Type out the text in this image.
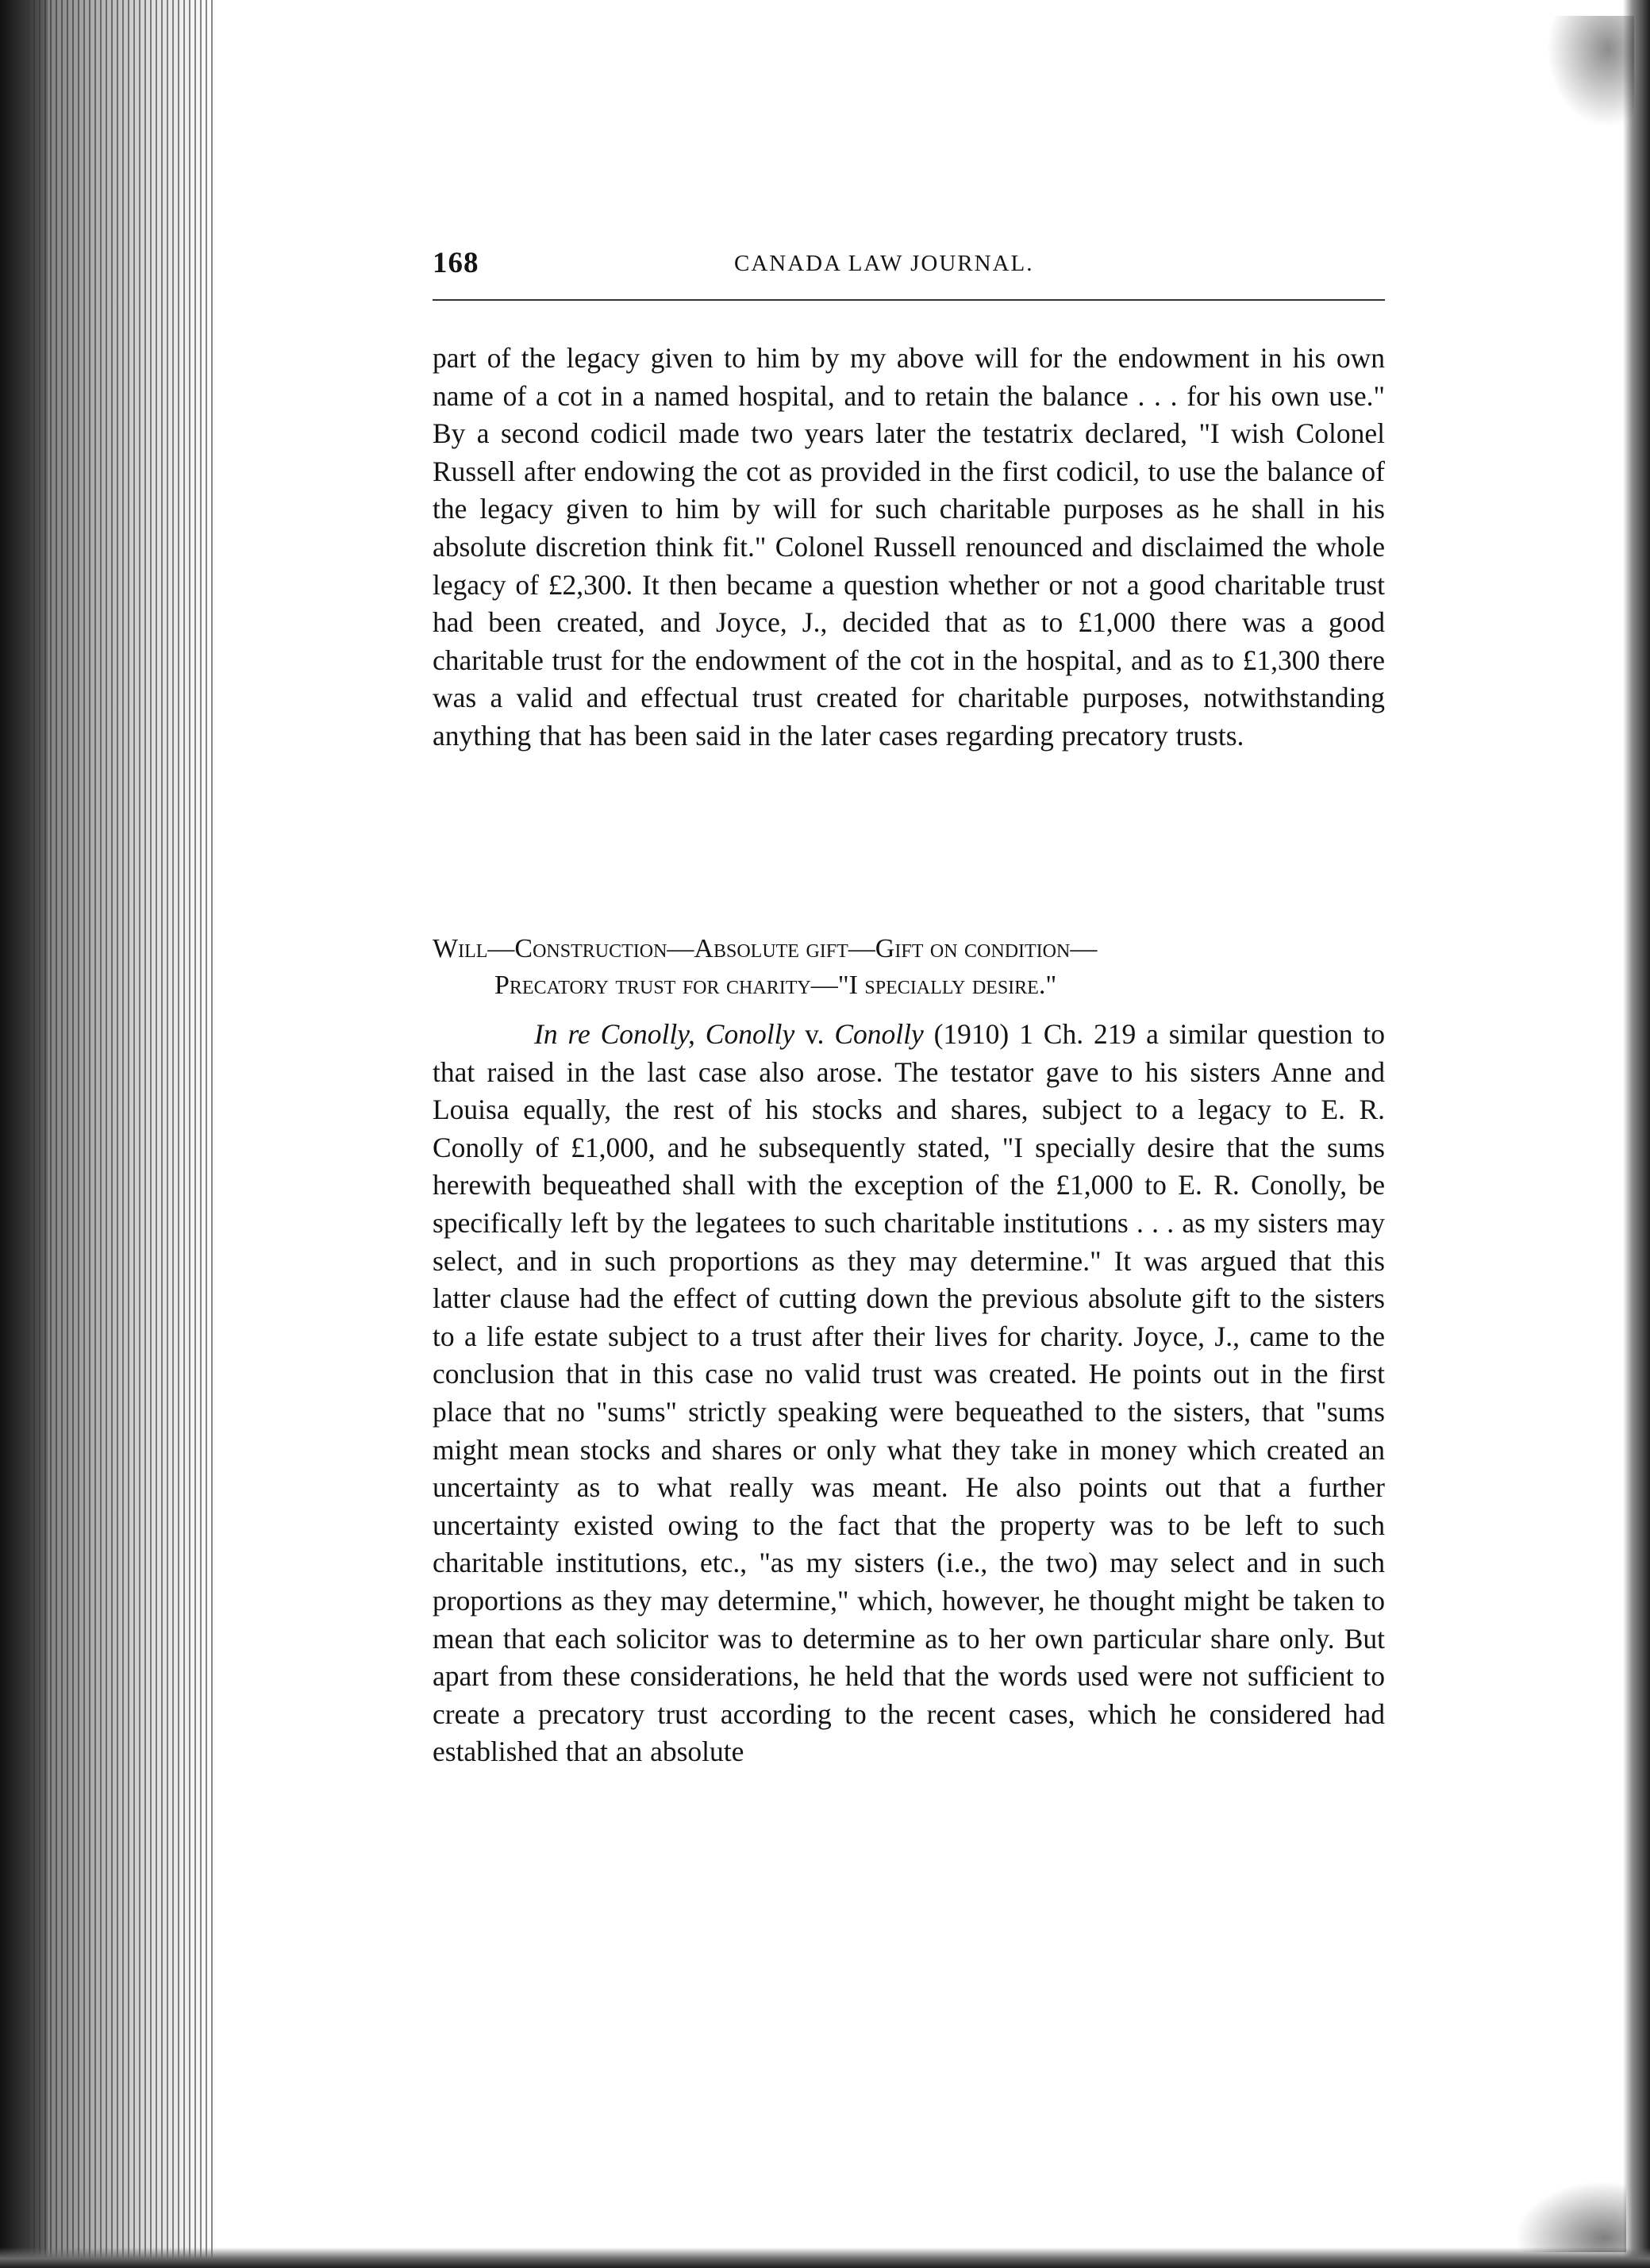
168	CANADA LAW JOURNAL.

part of the legacy given to him by my above will for the endowment in his own name of a cot in a named hospital, and to retain the balance . . . for his own use." By a second codicil made two years later the testatrix declared, "I wish Colonel Russell after endowing the cot as provided in the first codicil, to use the balance of the legacy given to him by will for such charitable purposes as he shall in his absolute discretion think fit." Colonel Russell renounced and disclaimed the whole legacy of £2,300. It then became a question whether or not a good charitable trust had been created, and Joyce, J., decided that as to £1,000 there was a good charitable trust for the endowment of the cot in the hospital, and as to £1,300 there was a valid and effectual trust created for charitable purposes, notwithstanding anything that has been said in the later cases regarding precatory trusts.

Will—Construction—Absolute gift—Gift on condition—
Precatory trust for charity—"I specially desire."

In re Conolly, Conolly v. Conolly (1910) 1 Ch. 219 a similar question to that raised in the last case also arose. The testator gave to his sisters Anne and Louisa equally, the rest of his stocks and shares, subject to a legacy to E. R. Conolly of £1,000, and he subsequently stated, "I specially desire that the sums herewith bequeathed shall with the exception of the £1,000 to E. R. Conolly, be specifically left by the legatees to such charitable institutions . . . as my sisters may select, and in such proportions as they may determine." It was argued that this latter clause had the effect of cutting down the previous absolute gift to the sisters to a life estate subject to a trust after their lives for charity. Joyce, J., came to the conclusion that in this case no valid trust was created. He points out in the first place that no "sums" strictly speaking were bequeathed to the sisters, that "sums might mean stocks and shares or only what they take in money which created an uncertainty as to what really was meant. He also points out that a further uncertainty existed owing to the fact that the property was to be left to such charitable institutions, etc., "as my sisters (i.e., the two) may select and in such proportions as they may determine," which, however, he thought might be taken to mean that each solicitor was to determine as to her own particular share only. But apart from these considerations, he held that the words used were not sufficient to create a precatory trust according to the recent cases, which he considered had established that an absolute
